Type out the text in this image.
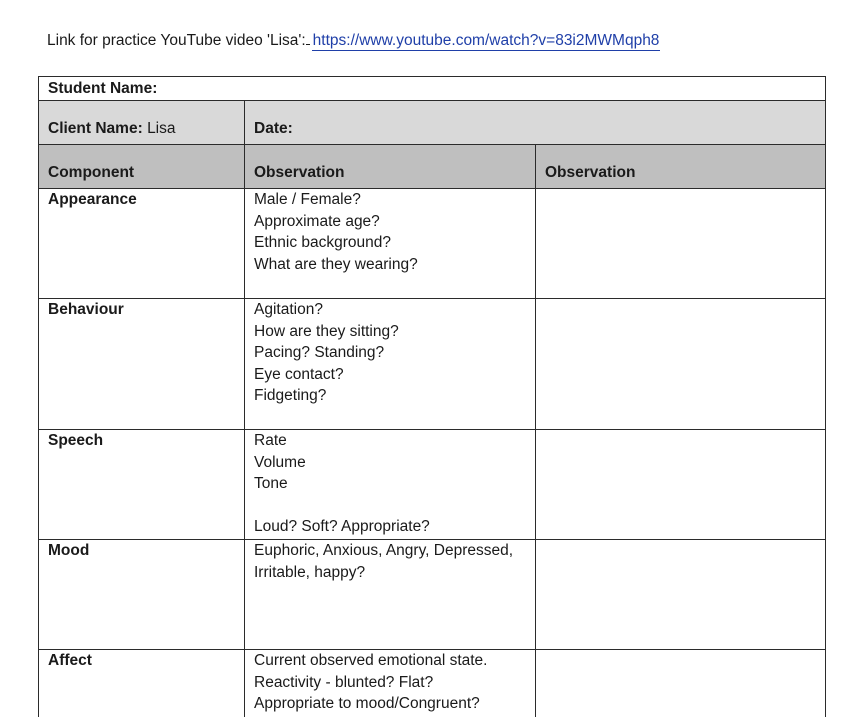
Link for practice YouTube video 'Lisa': https://www.youtube.com/watch?v=83i2MWMqph8
Student Name:
Client Name: Lisa	Date:
Component	Observation	Observation
Appearance	Male / Female?
Approximate age?
Ethnic background?
What are they wearing?
Behaviour	Agitation?
How are they sitting?
Pacing? Standing?
Eye contact?
Fidgeting?
Speech	Rate
Volume
Tone
Loud? Soft? Appropriate?
Mood	Euphoric, Anxious, Angry, Depressed,
Irritable, happy?
Affect	Current observed emotional state.
Reactivity - blunted? Flat?
Appropriate to mood/Congruent?
